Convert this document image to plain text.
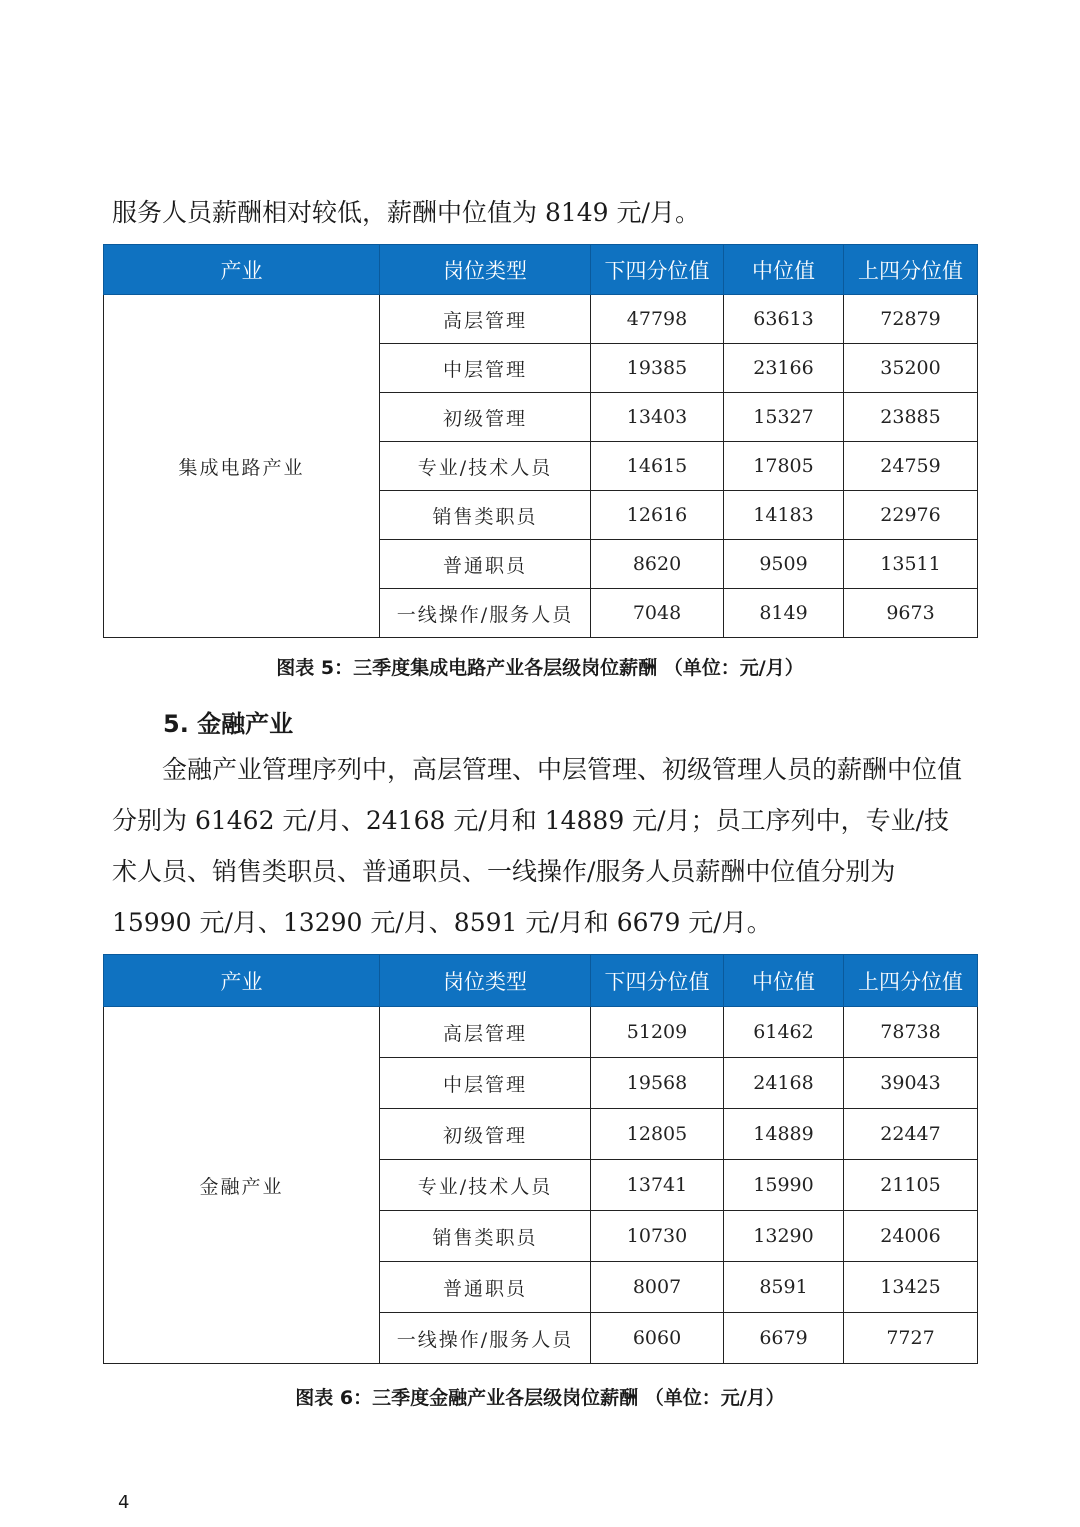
服务人员薪酬相对较低，薪酬中位值为 8149 元/月。

产业	岗位类型	下四分位值	中位值	上四分位值
集成电路产业	高层管理	47798	63613	72879
	中层管理	19385	23166	35200
	初级管理	13403	15327	23885
	专业/技术人员	14615	17805	24759
	销售类职员	12616	14183	22976
	普通职员	8620	9509	13511
	一线操作/服务人员	7048	8149	9673

图表 5：三季度集成电路产业各层级岗位薪酬 （单位：元/月）

5. 金融产业

金融产业管理序列中，高层管理、中层管理、初级管理人员的薪酬中位值分别为 61462 元/月、24168 元/月和 14889 元/月；员工序列中，专业/技术人员、销售类职员、普通职员、一线操作/服务人员薪酬中位值分别为 15990 元/月、13290 元/月、8591 元/月和 6679 元/月。

产业	岗位类型	下四分位值	中位值	上四分位值
金融产业	高层管理	51209	61462	78738
	中层管理	19568	24168	39043
	初级管理	12805	14889	22447
	专业/技术人员	13741	15990	21105
	销售类职员	10730	13290	24006
	普通职员	8007	8591	13425
	一线操作/服务人员	6060	6679	7727

图表 6：三季度金融产业各层级岗位薪酬 （单位：元/月）

4
